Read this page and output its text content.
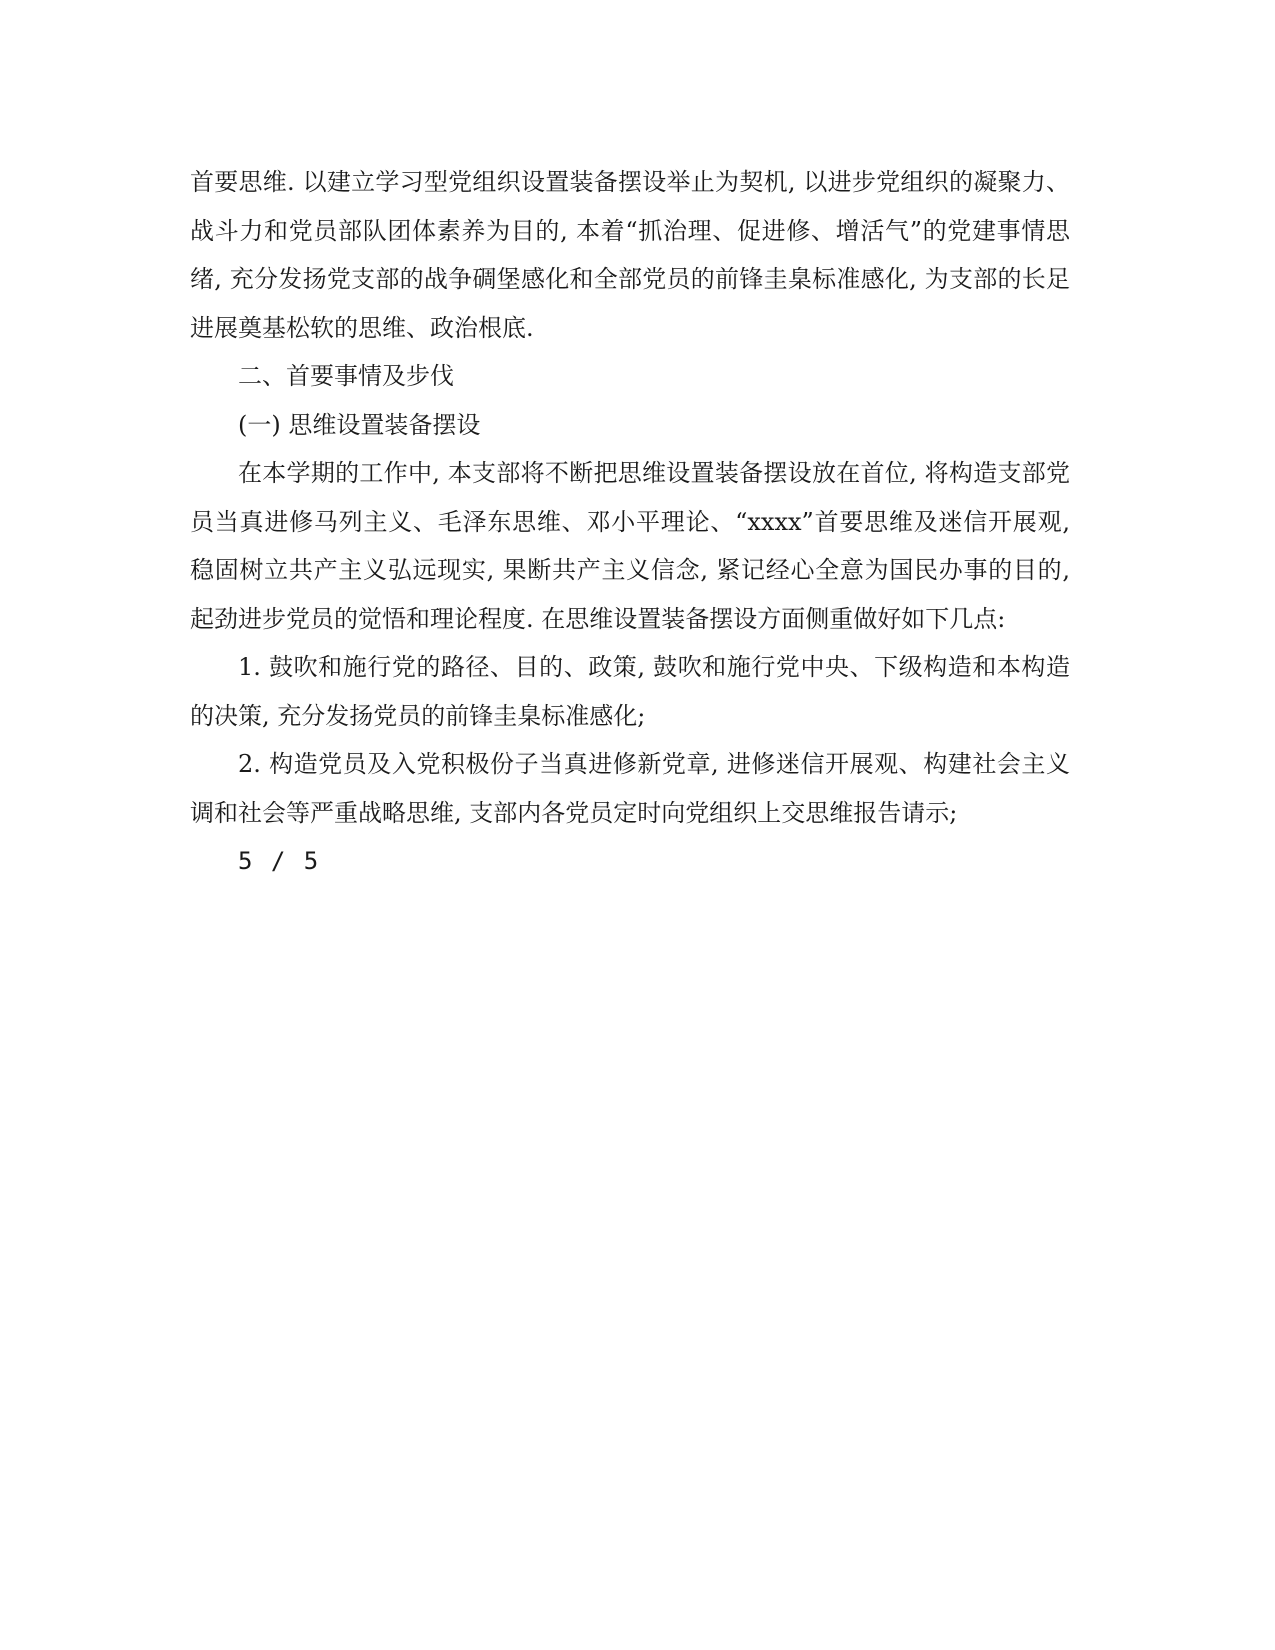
首要思维. 以建立学习型党组织设置装备摆设举止为契机, 以进步党组织的凝聚力、战斗力和党员部队团体素养为目的, 本着“抓治理、促进修、增活气”的党建事情思绪, 充分发扬党支部的战争碉堡感化和全部党员的前锋圭臬标准感化, 为支部的长足进展奠基松软的思维、政治根底.

二、首要事情及步伐

(一) 思维设置装备摆设

在本学期的工作中, 本支部将不断把思维设置装备摆设放在首位, 将构造支部党员当真进修马列主义、毛泽东思维、邓小平理论、“xxxx”首要思维及迷信开展观, 稳固树立共产主义弘远现实, 果断共产主义信念, 紧记经心全意为国民办事的目的, 起劲进步党员的觉悟和理论程度. 在思维设置装备摆设方面侧重做好如下几点:

1. 鼓吹和施行党的路径、目的、政策, 鼓吹和施行党中央、下级构造和本构造的决策, 充分发扬党员的前锋圭臬标准感化;

2. 构造党员及入党积极份子当真进修新党章, 进修迷信开展观、构建社会主义调和社会等严重战略思维, 支部内各党员定时向党组织上交思维报告请示;

5 / 5
